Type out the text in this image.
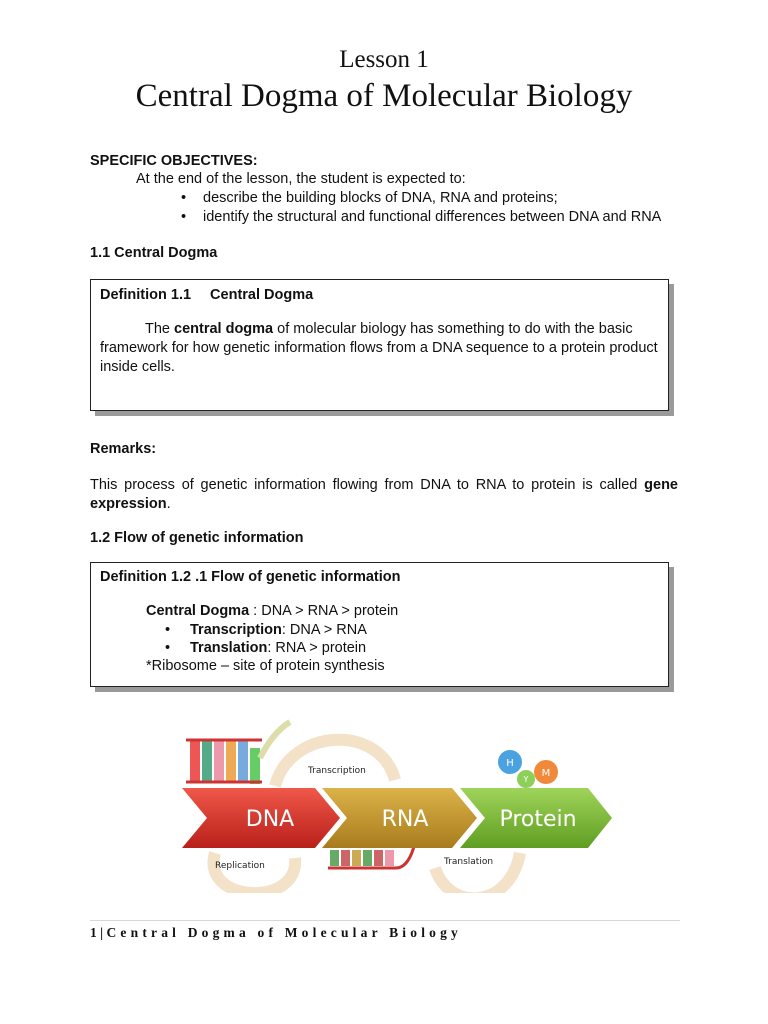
Lesson 1
Central Dogma of Molecular Biology
SPECIFIC OBJECTIVES:
At the end of the lesson, the student is expected to:
• describe the building blocks of DNA, RNA and proteins;
• identify the structural and functional differences between DNA and RNA
1.1 Central Dogma
Definition 1.1 Central Dogma
The central dogma of molecular biology has something to do with the basic framework for how genetic information flows from a DNA sequence to a protein product inside cells.
Remarks:
This process of genetic information flowing from DNA to RNA to protein is called gene expression.
1.2 Flow of genetic information
Definition 1.2 .1 Flow of genetic information
Central Dogma : DNA > RNA > protein
• Transcription: DNA > RNA
• Translation: RNA > protein
*Ribosome – site of protein synthesis
DNA	RNA	Protein
H
Y
M
Transcription
Translation
Replication
1 | Central Dogma of Molecular Biology
